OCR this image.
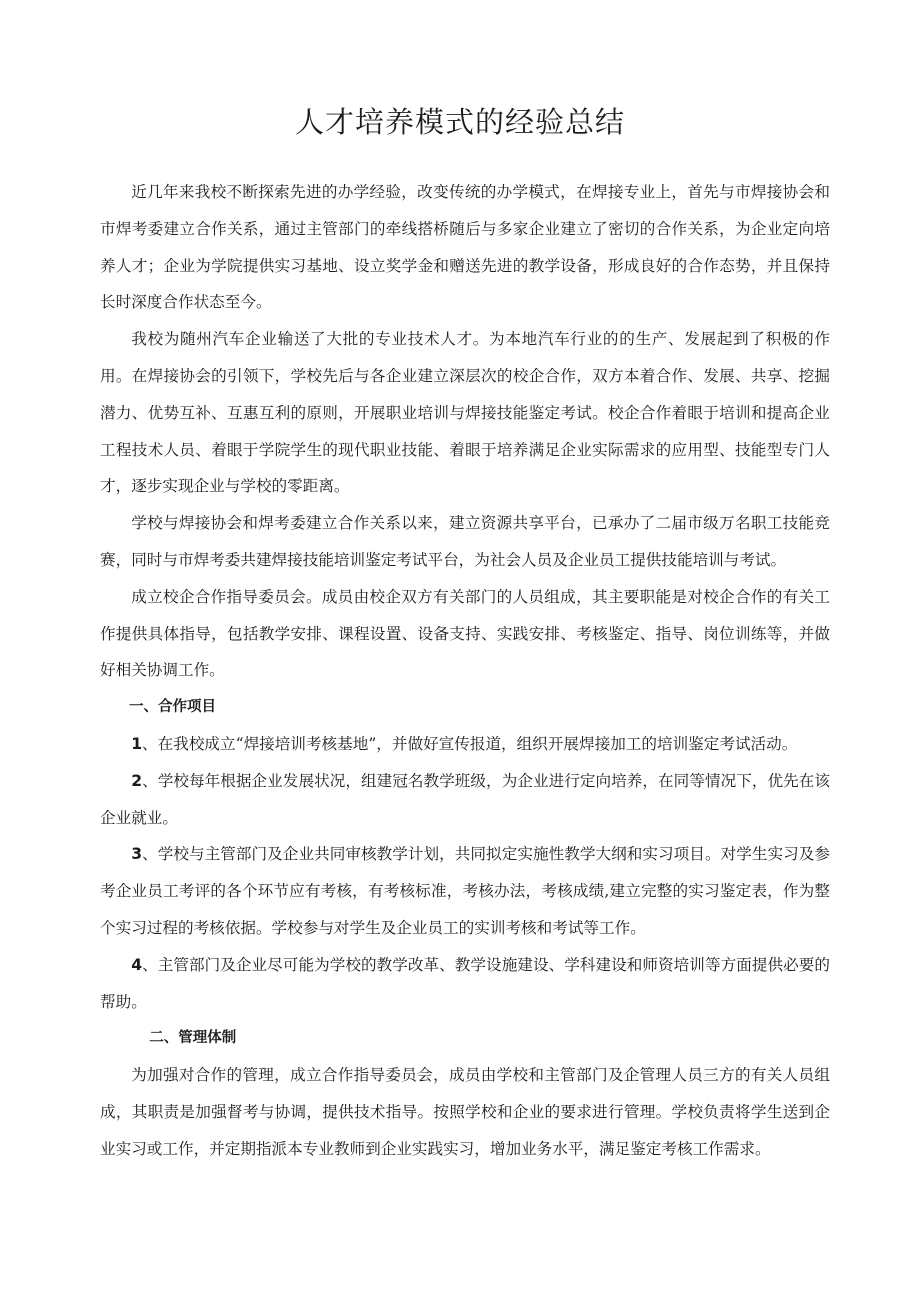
人才培养模式的经验总结

近几年来我校不断探索先进的办学经验，改变传统的办学模式，在焊接专业上，首先与市焊接协会和市焊考委建立合作关系，通过主管部门的牵线搭桥随后与多家企业建立了密切的合作关系，为企业定向培养人才；企业为学院提供实习基地、设立奖学金和赠送先进的教学设备，形成良好的合作态势，并且保持长时深度合作状态至今。

我校为随州汽车企业输送了大批的专业技术人才。为本地汽车行业的的生产、发展起到了积极的作用。在焊接协会的引领下，学校先后与各企业建立深层次的校企合作，双方本着合作、发展、共享、挖掘潜力、优势互补、互惠互利的原则，开展职业培训与焊接技能鉴定考试。校企合作着眼于培训和提高企业工程技术人员、着眼于学院学生的现代职业技能、着眼于培养满足企业实际需求的应用型、技能型专门人才，逐步实现企业与学校的零距离。

学校与焊接协会和焊考委建立合作关系以来，建立资源共享平台，已承办了二届市级万名职工技能竞赛，同时与市焊考委共建焊接技能培训鉴定考试平台，为社会人员及企业员工提供技能培训与考试。

成立校企合作指导委员会。成员由校企双方有关部门的人员组成，其主要职能是对校企合作的有关工作提供具体指导，包括教学安排、课程设置、设备支持、实践安排、考核鉴定、指导、岗位训练等，并做好相关协调工作。

一、合作项目

1、在我校成立“焊接培训考核基地”，并做好宣传报道，组织开展焊接加工的培训鉴定考试活动。

2、学校每年根据企业发展状况，组建冠名教学班级，为企业进行定向培养，在同等情况下，优先在该企业就业。

3、学校与主管部门及企业共同审核教学计划，共同拟定实施性教学大纲和实习项目。对学生实习及参考企业员工考评的各个环节应有考核，有考核标准，考核办法，考核成绩,建立完整的实习鉴定表，作为整个实习过程的考核依据。学校参与对学生及企业员工的实训考核和考试等工作。

4、主管部门及企业尽可能为学校的教学改革、教学设施建设、学科建设和师资培训等方面提供必要的帮助。

二、管理体制

为加强对合作的管理，成立合作指导委员会，成员由学校和主管部门及企管理人员三方的有关人员组成，其职责是加强督考与协调，提供技术指导。按照学校和企业的要求进行管理。学校负责将学生送到企业实习或工作，并定期指派本专业教师到企业实践实习，增加业务水平，满足鉴定考核工作需求。
